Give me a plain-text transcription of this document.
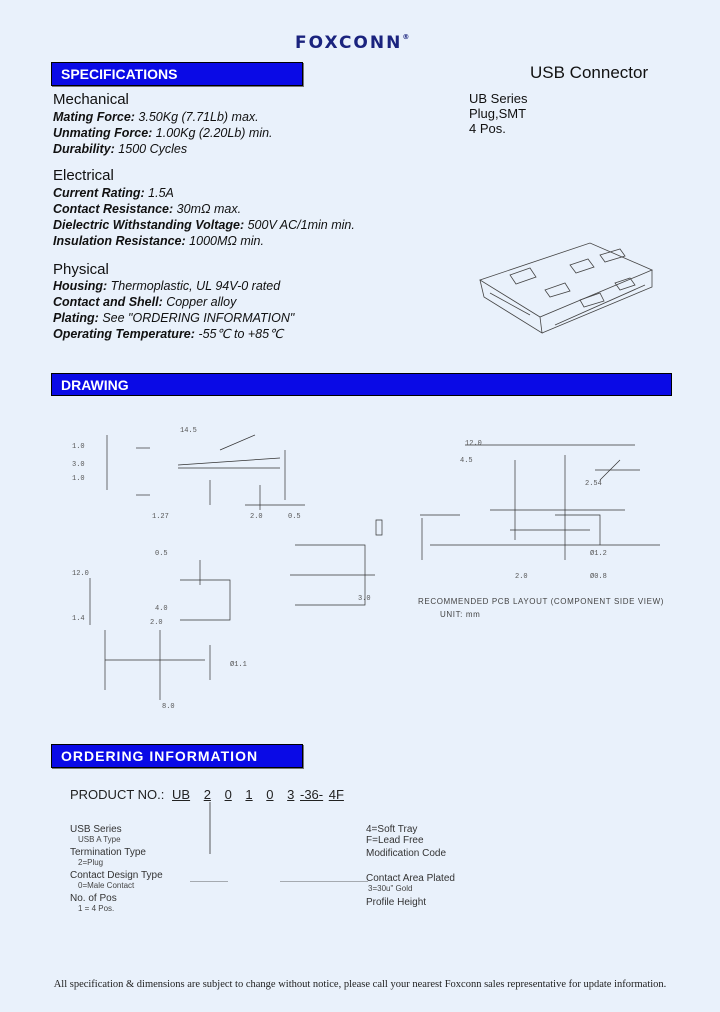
FOXCONN®
SPECIFICATIONS	USB Connector
UB Series
Plug,SMT
4 Pos.
Mechanical
Mating Force: 3.50Kg (7.71Lb) max.
Unmating Force: 1.00Kg (2.20Lb) min.
Durability: 1500 Cycles
Electrical
Current Rating: 1.5A
Contact Resistance: 30mΩ max.
Dielectric Withstanding Voltage: 500V AC/1min min.
Insulation Resistance: 1000MΩ min.
Physical
Housing: Thermoplastic, UL 94V-0 rated
Contact and Shell: Copper alloy
Plating: See "ORDERING INFORMATION"
Operating Temperature: -55℃ to +85℃
DRAWING
1.0
3.0
1.0
1.27
14.5
2.0	0.5
0.5
4.0
2.0
12.0
1.4
Ø1.1
8.0
3.0
12.0
4.5
2.54
2.0
Ø1.2
Ø0.8
RECOMMENDED PCB LAYOUT (COMPONENT SIDE VIEW)
UNIT: mm
ORDERING INFORMATION
PRODUCT NO.: UB 2 0 1 0 3 -36- 4F
USB Series
USB A Type
Termination Type
2=Plug
Contact Design Type
0=Male Contact
No. of Pos
1 = 4 Pos.
4=Soft Tray
F=Lead Free
Modification Code
Contact Area Plated
3=30u" Gold
Profile Height
All specification & dimensions are subject to change without notice, please call your nearest Foxconn sales representative for update information.
